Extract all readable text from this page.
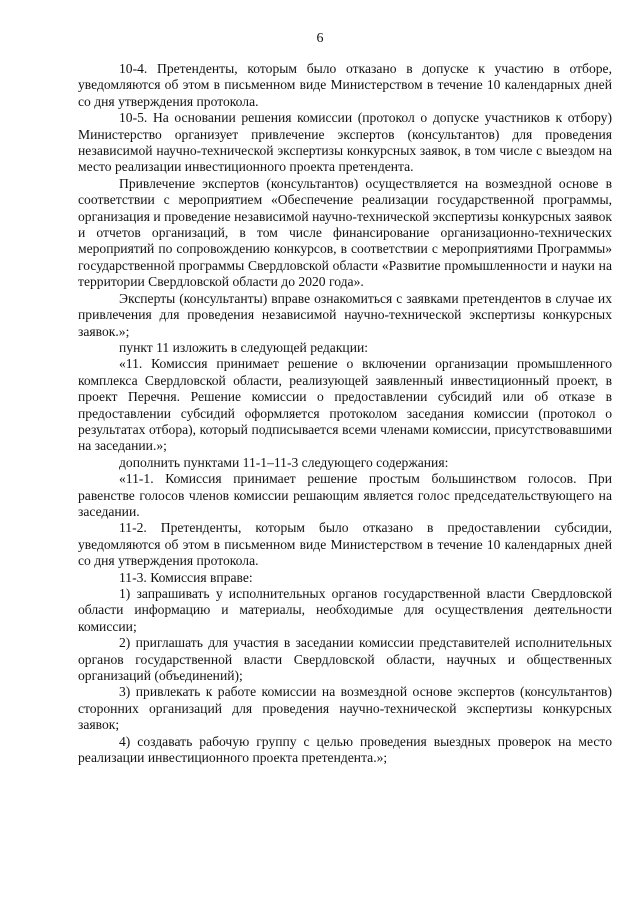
6

10-4. Претенденты, которым было отказано в допуске к участию в отборе, уведомляются об этом в письменном виде Министерством в течение 10 календарных дней со дня утверждения протокола.

10-5. На основании решения комиссии (протокол о допуске участников к отбору) Министерство организует привлечение экспертов (консультантов) для проведения независимой научно-технической экспертизы конкурсных заявок, в том числе с выездом на место реализации инвестиционного проекта претендента.

Привлечение экспертов (консультантов) осуществляется на возмездной основе в соответствии с мероприятием «Обеспечение реализации государственной программы, организация и проведение независимой научно-технической экспертизы конкурсных заявок и отчетов организаций, в том числе финансирование организационно-технических мероприятий по сопровождению конкурсов, в соответствии с мероприятиями Программы» государственной программы Свердловской области «Развитие промышленности и науки на территории Свердловской области до 2020 года».

Эксперты (консультанты) вправе ознакомиться с заявками претендентов в случае их привлечения для проведения независимой научно-технической экспертизы конкурсных заявок.»;

пункт 11 изложить в следующей редакции:

«11. Комиссия принимает решение о включении организации промышленного комплекса Свердловской области, реализующей заявленный инвестиционный проект, в проект Перечня. Решение комиссии о предоставлении субсидий или об отказе в предоставлении субсидий оформляется протоколом заседания комиссии (протокол о результатах отбора), который подписывается всеми членами комиссии, присутствовавшими на заседании.»;

дополнить пунктами 11-1–11-3 следующего содержания:

«11-1. Комиссия принимает решение простым большинством голосов. При равенстве голосов членов комиссии решающим является голос председательствующего на заседании.

11-2. Претенденты, которым было отказано в предоставлении субсидии, уведомляются об этом в письменном виде Министерством в течение 10 календарных дней со дня утверждения протокола.

11-3. Комиссия вправе:

1) запрашивать у исполнительных органов государственной власти Свердловской области информацию и материалы, необходимые для осуществления деятельности комиссии;

2) приглашать для участия в заседании комиссии представителей исполнительных органов государственной власти Свердловской области, научных и общественных организаций (объединений);

3) привлекать к работе комиссии на возмездной основе экспертов (консультантов) сторонних организаций для проведения научно-технической экспертизы конкурсных заявок;

4) создавать рабочую группу с целью проведения выездных проверок на место реализации инвестиционного проекта претендента.»;
